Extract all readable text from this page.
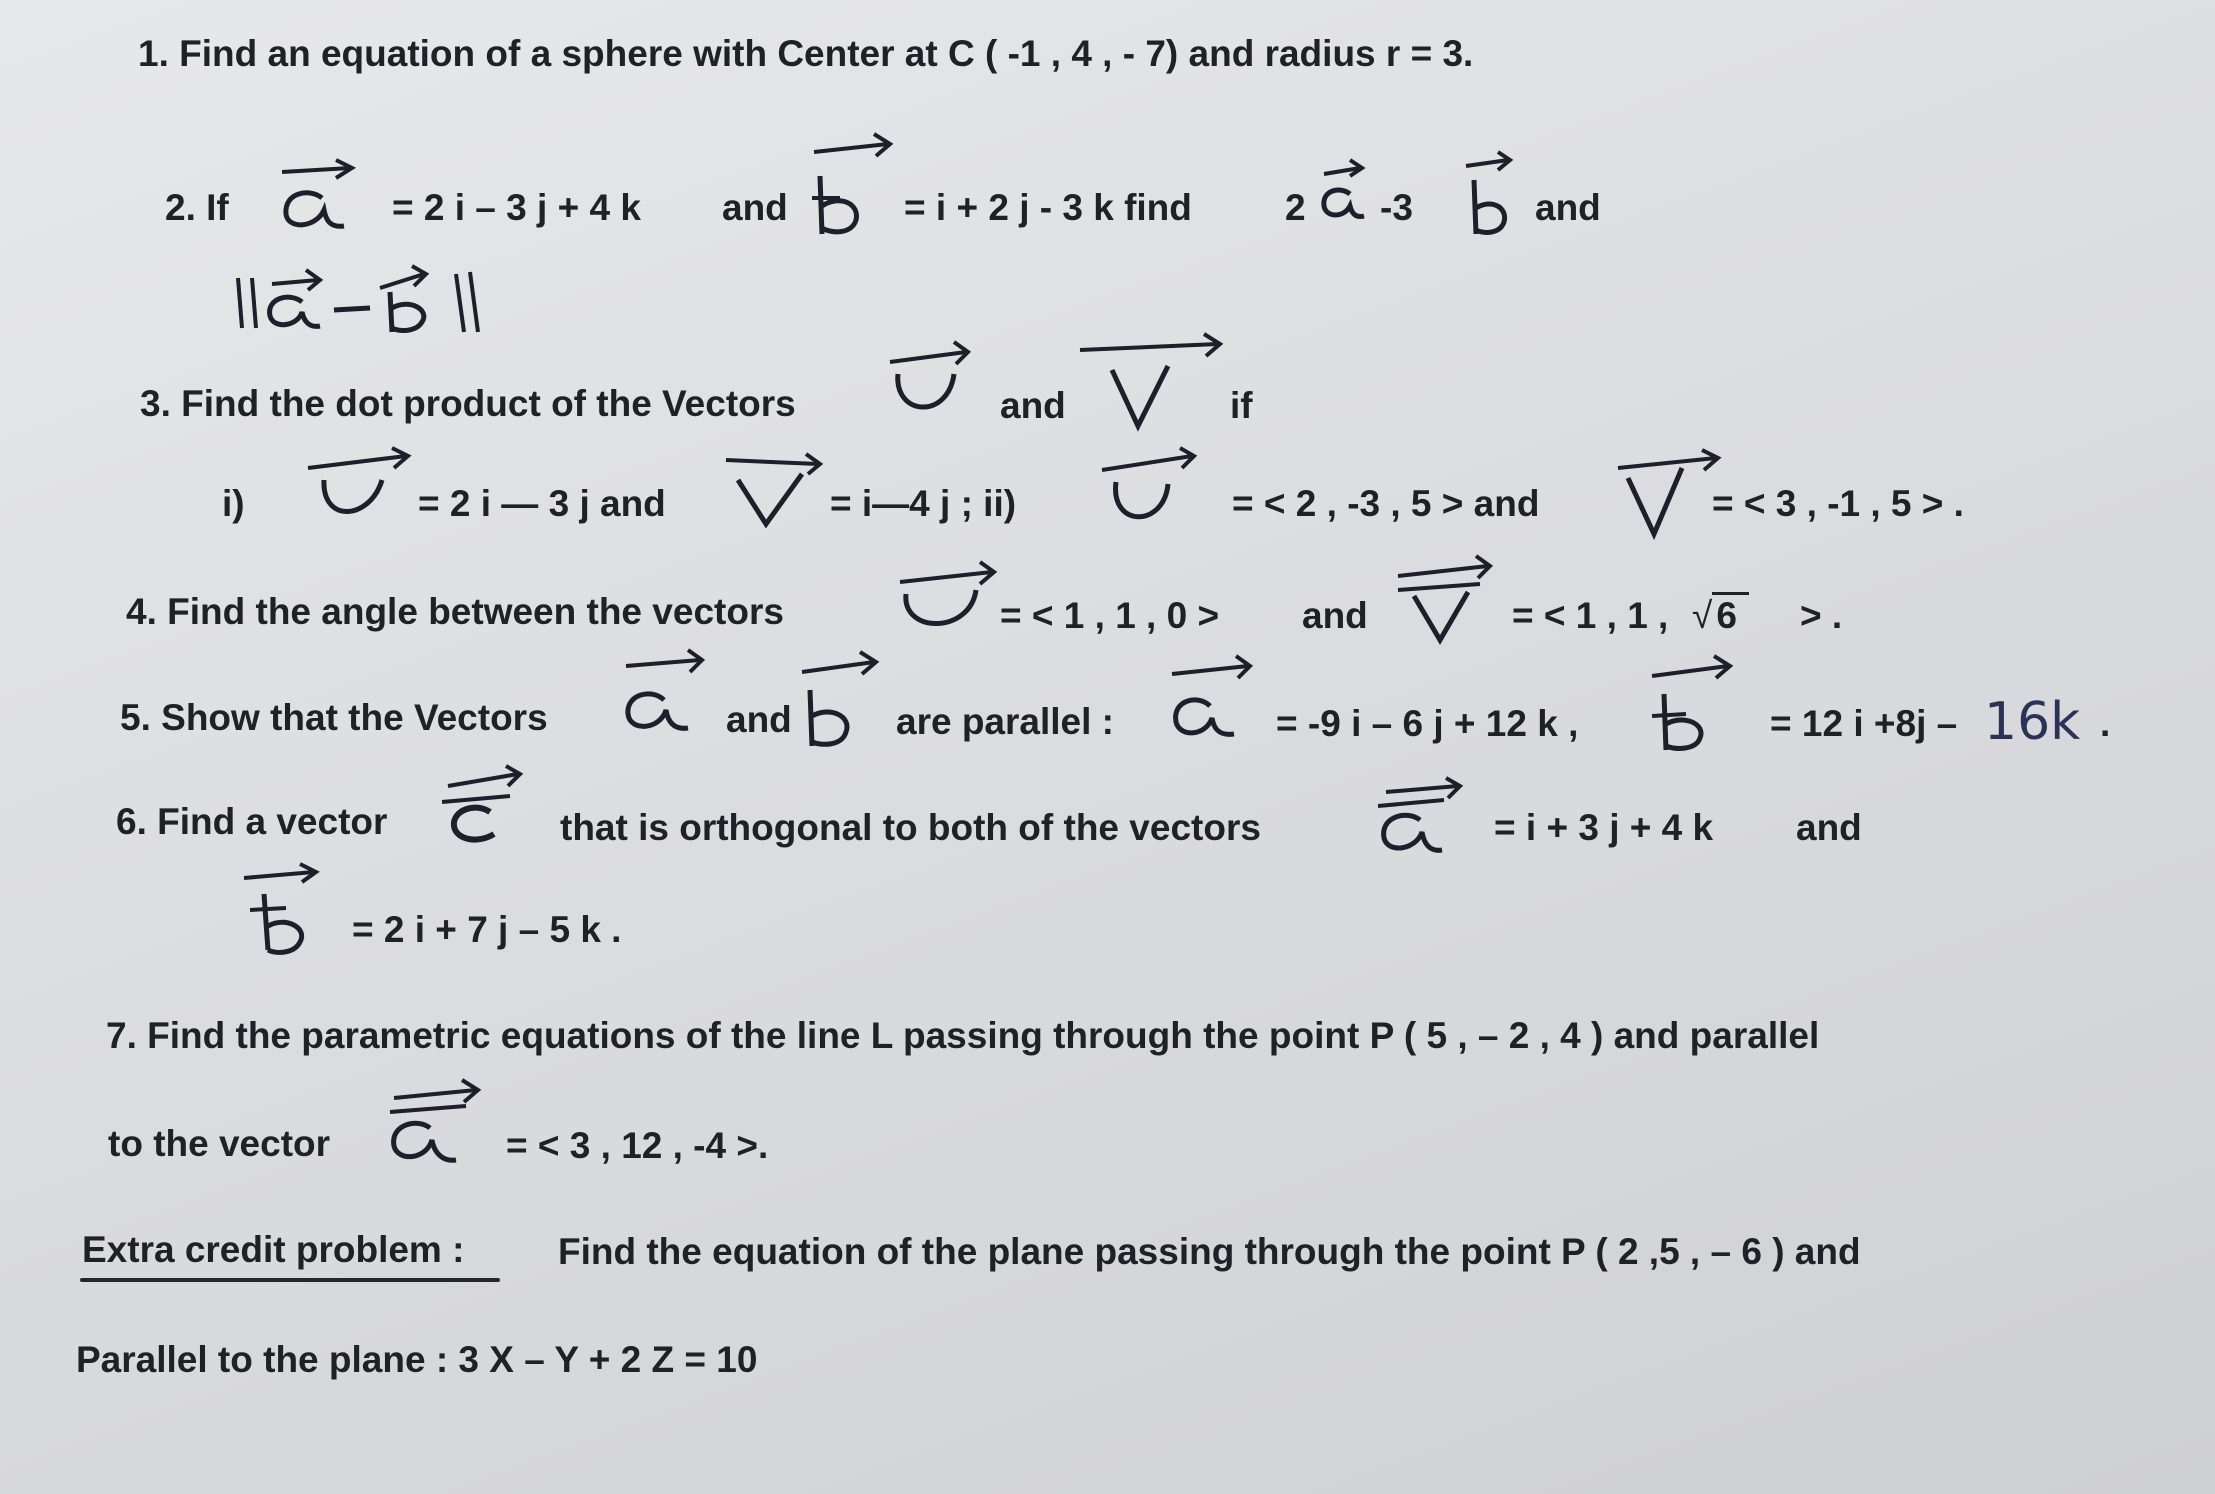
1. Find an equation of a sphere with Center at C ( -1 , 4 , - 7) and radius r = 3.
2. If	= 2 i – 3 j + 4 k and	= i + 2 j - 3 k find	2 -3	and
3. Find the dot product of the Vectors	and	if
i)	= 2 i — 3 j and	= i—4 j ; ii)	= < 2 , -3 , 5 > and	= < 3 , -1 , 5 > .
4. Find the angle between the vectors	= < 1 , 1 , 0 > and	= < 1 , 1 , √ 6	> .
5. Show that the Vectors	and	are parallel :	= -9 i – 6 j + 12 k ,	= 12 i +8j – 16k .
6. Find a vector	that is orthogonal to both of the vectors	= i + 3 j + 4 k and
= 2 i + 7 j – 5 k .
7. Find the parametric equations of the line L passing through the point P ( 5 , – 2 , 4 ) and parallel
to the vector	= < 3 , 12 , -4 >.
Extra credit problem :	Find the equation of the plane passing through the point P ( 2 ,5 , – 6 ) and
Parallel to the plane : 3 X – Y + 2 Z = 10
